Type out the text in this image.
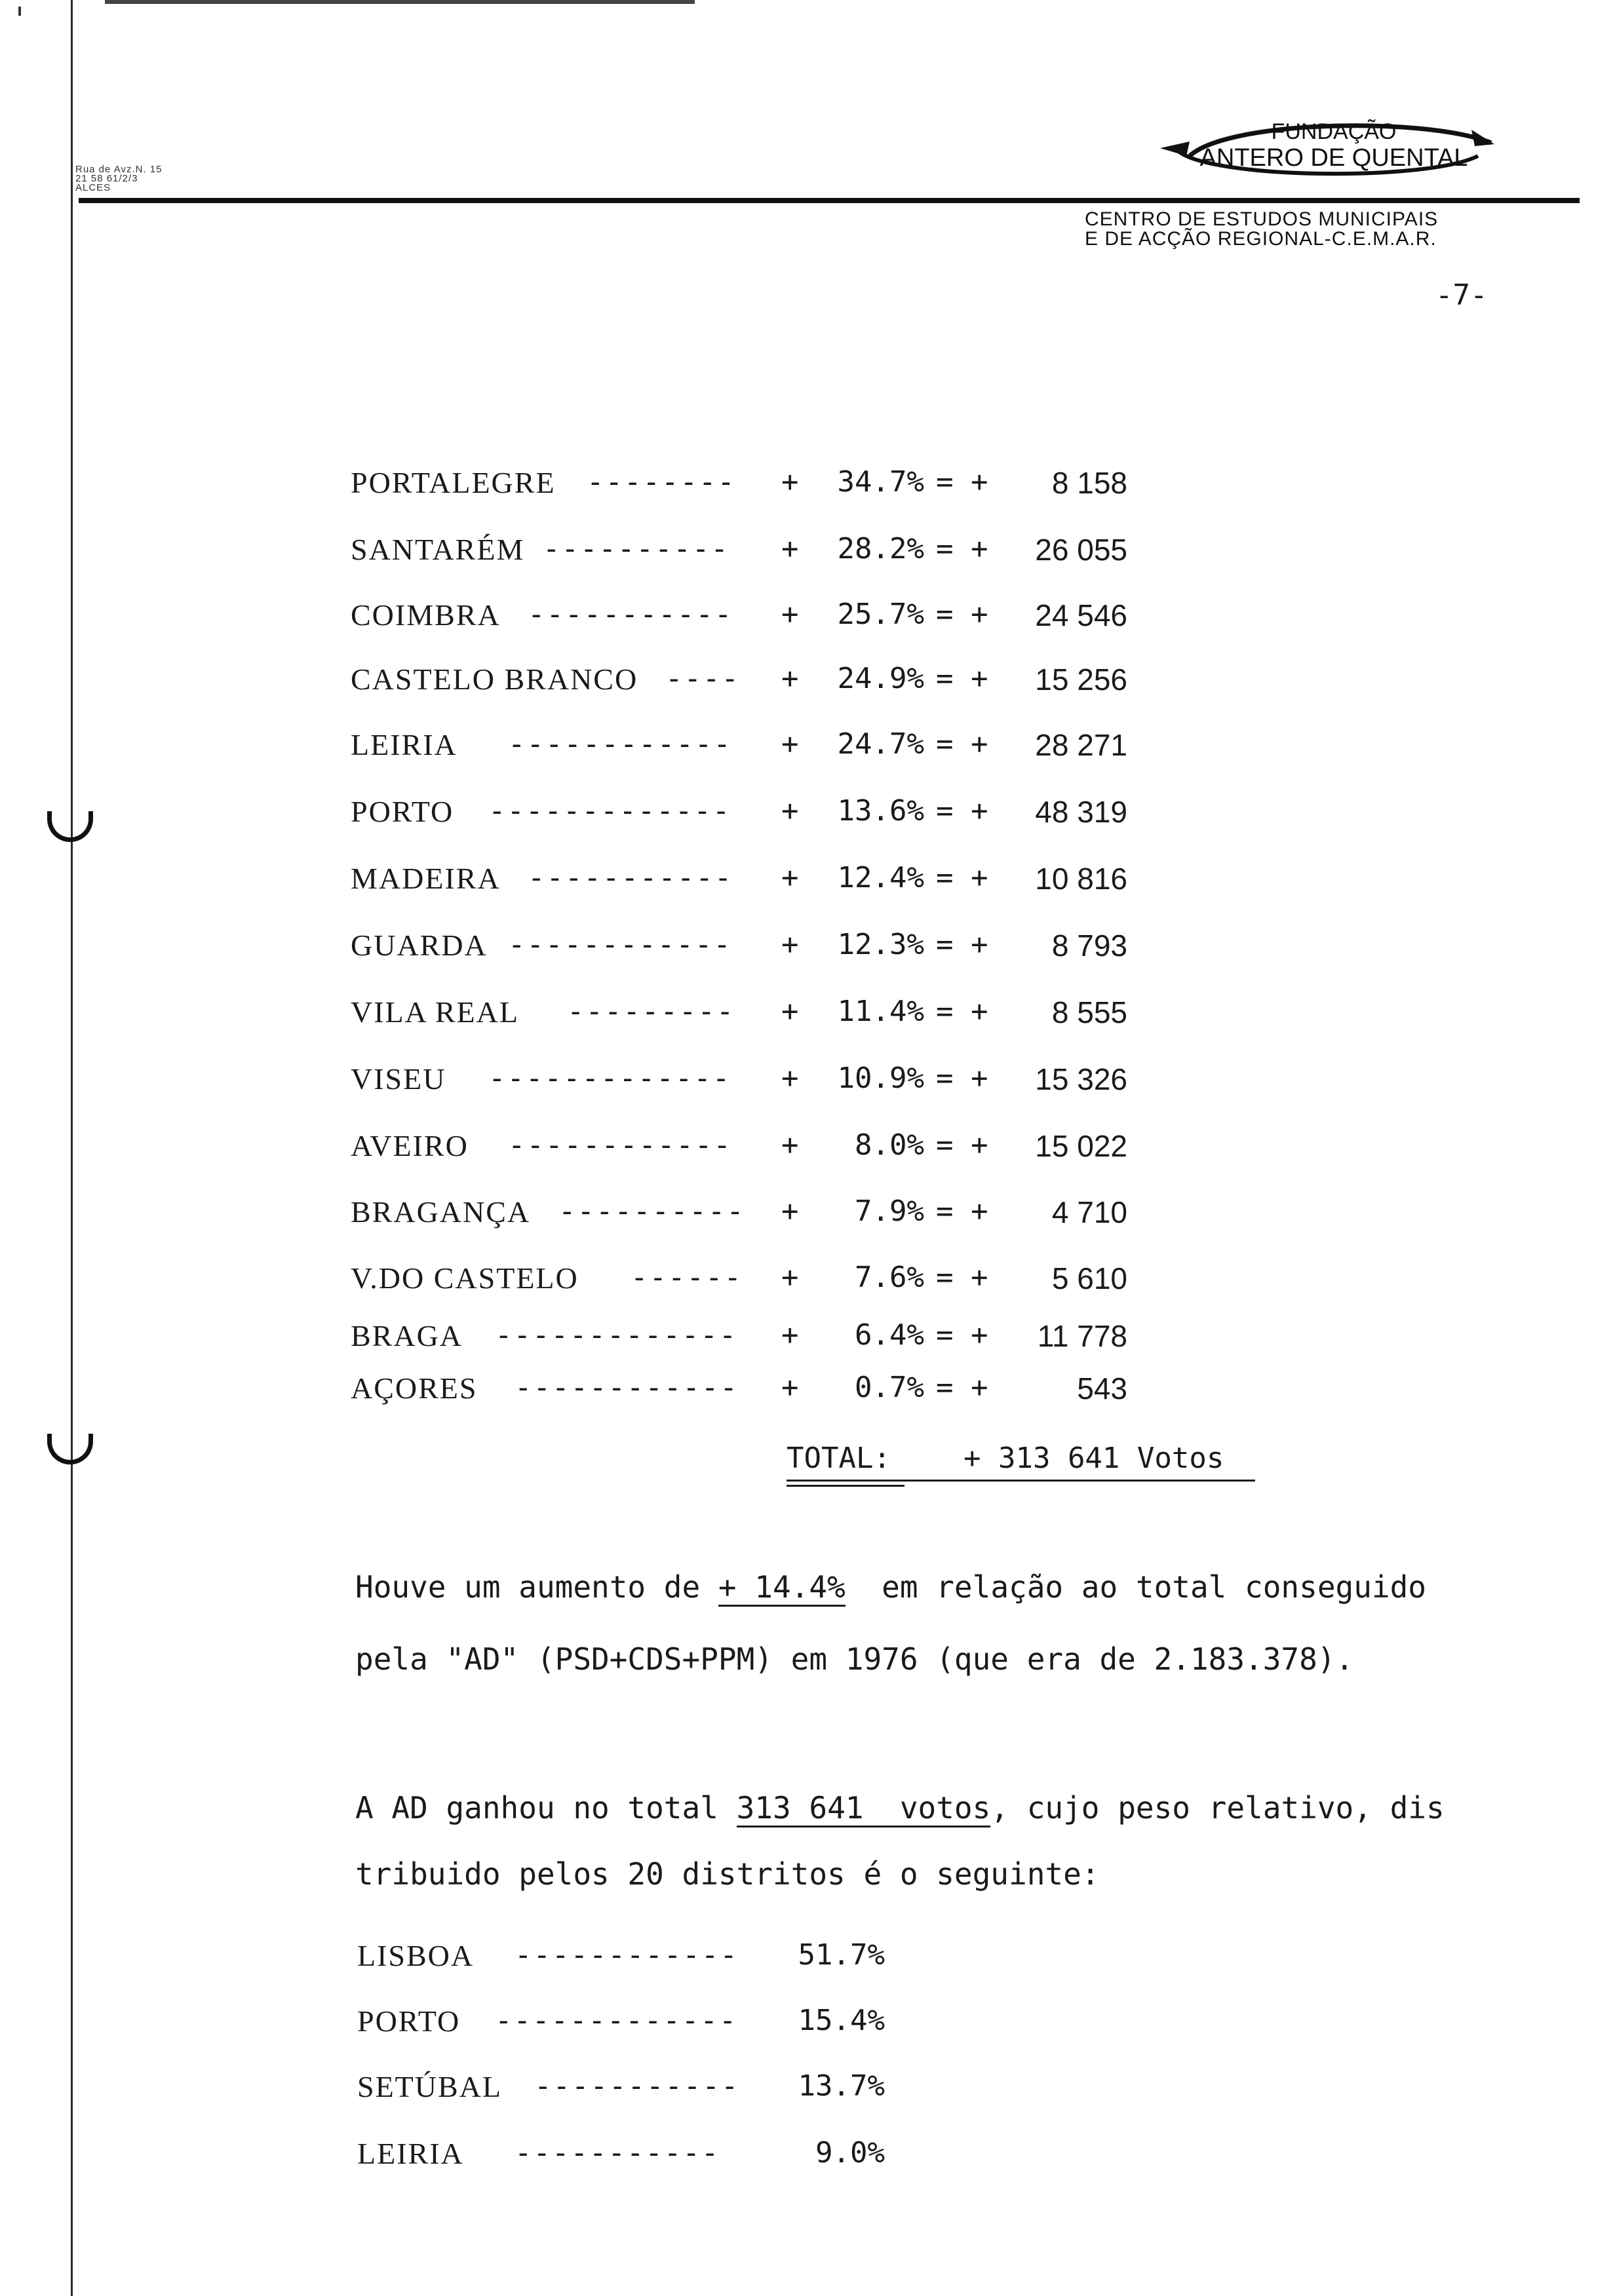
Rua de Avz.N. 15
21 58 61/2/3
ALCES
FUNDAÇÃO
ANTERO DE QUENTAL
CENTRO DE ESTUDOS MUNICIPAIS
E DE ACÇÃO REGIONAL-C.E.M.A.R.
-7-
PORTALEGRE -------- +	34.7% = +	8 158
SANTARÉM ---------- +	28.2% = +	26 055
COIMBRA ----------- +	25.7% = +	24 546
CASTELO BRANCO ---- +	24.9% = +	15 256
LEIRIA ------------ +	24.7% = +	28 271
PORTO ------------- +	13.6% = +	48 319
MADEIRA ----------- +	12.4% = +	10 816
GUARDA ------------ +	12.3% = +	8 793
VILA REAL --------- +	11.4% = +	8 555
VISEU ------------- +	10.9% = +	15 326
AVEIRO ------------ +	8.0% = +	15 022
BRAGANÇA ---------- +	7.9% = +	4 710
V.DO CASTELO ------ +	7.6% = +	5 610
BRAGA ------------- +	6.4% = +	11 778
AÇORES ------------ +	0.7% = +	543
TOTAL:	+ 313 641 Votos
Houve um aumento de + 14.4%  em relação ao total conseguido
pela "AD" (PSD+CDS+PPM) em 1976 (que era de 2.183.378).
A AD ganhou no total 313 641  votos, cujo peso relativo, dis
tribuido pelos 20 distritos é o seguinte:
LISBOA ------------	51.7%
PORTO -------------	15.4%
SETÚBAL -----------	13.7%
LEIRIA -----------	9.0%
